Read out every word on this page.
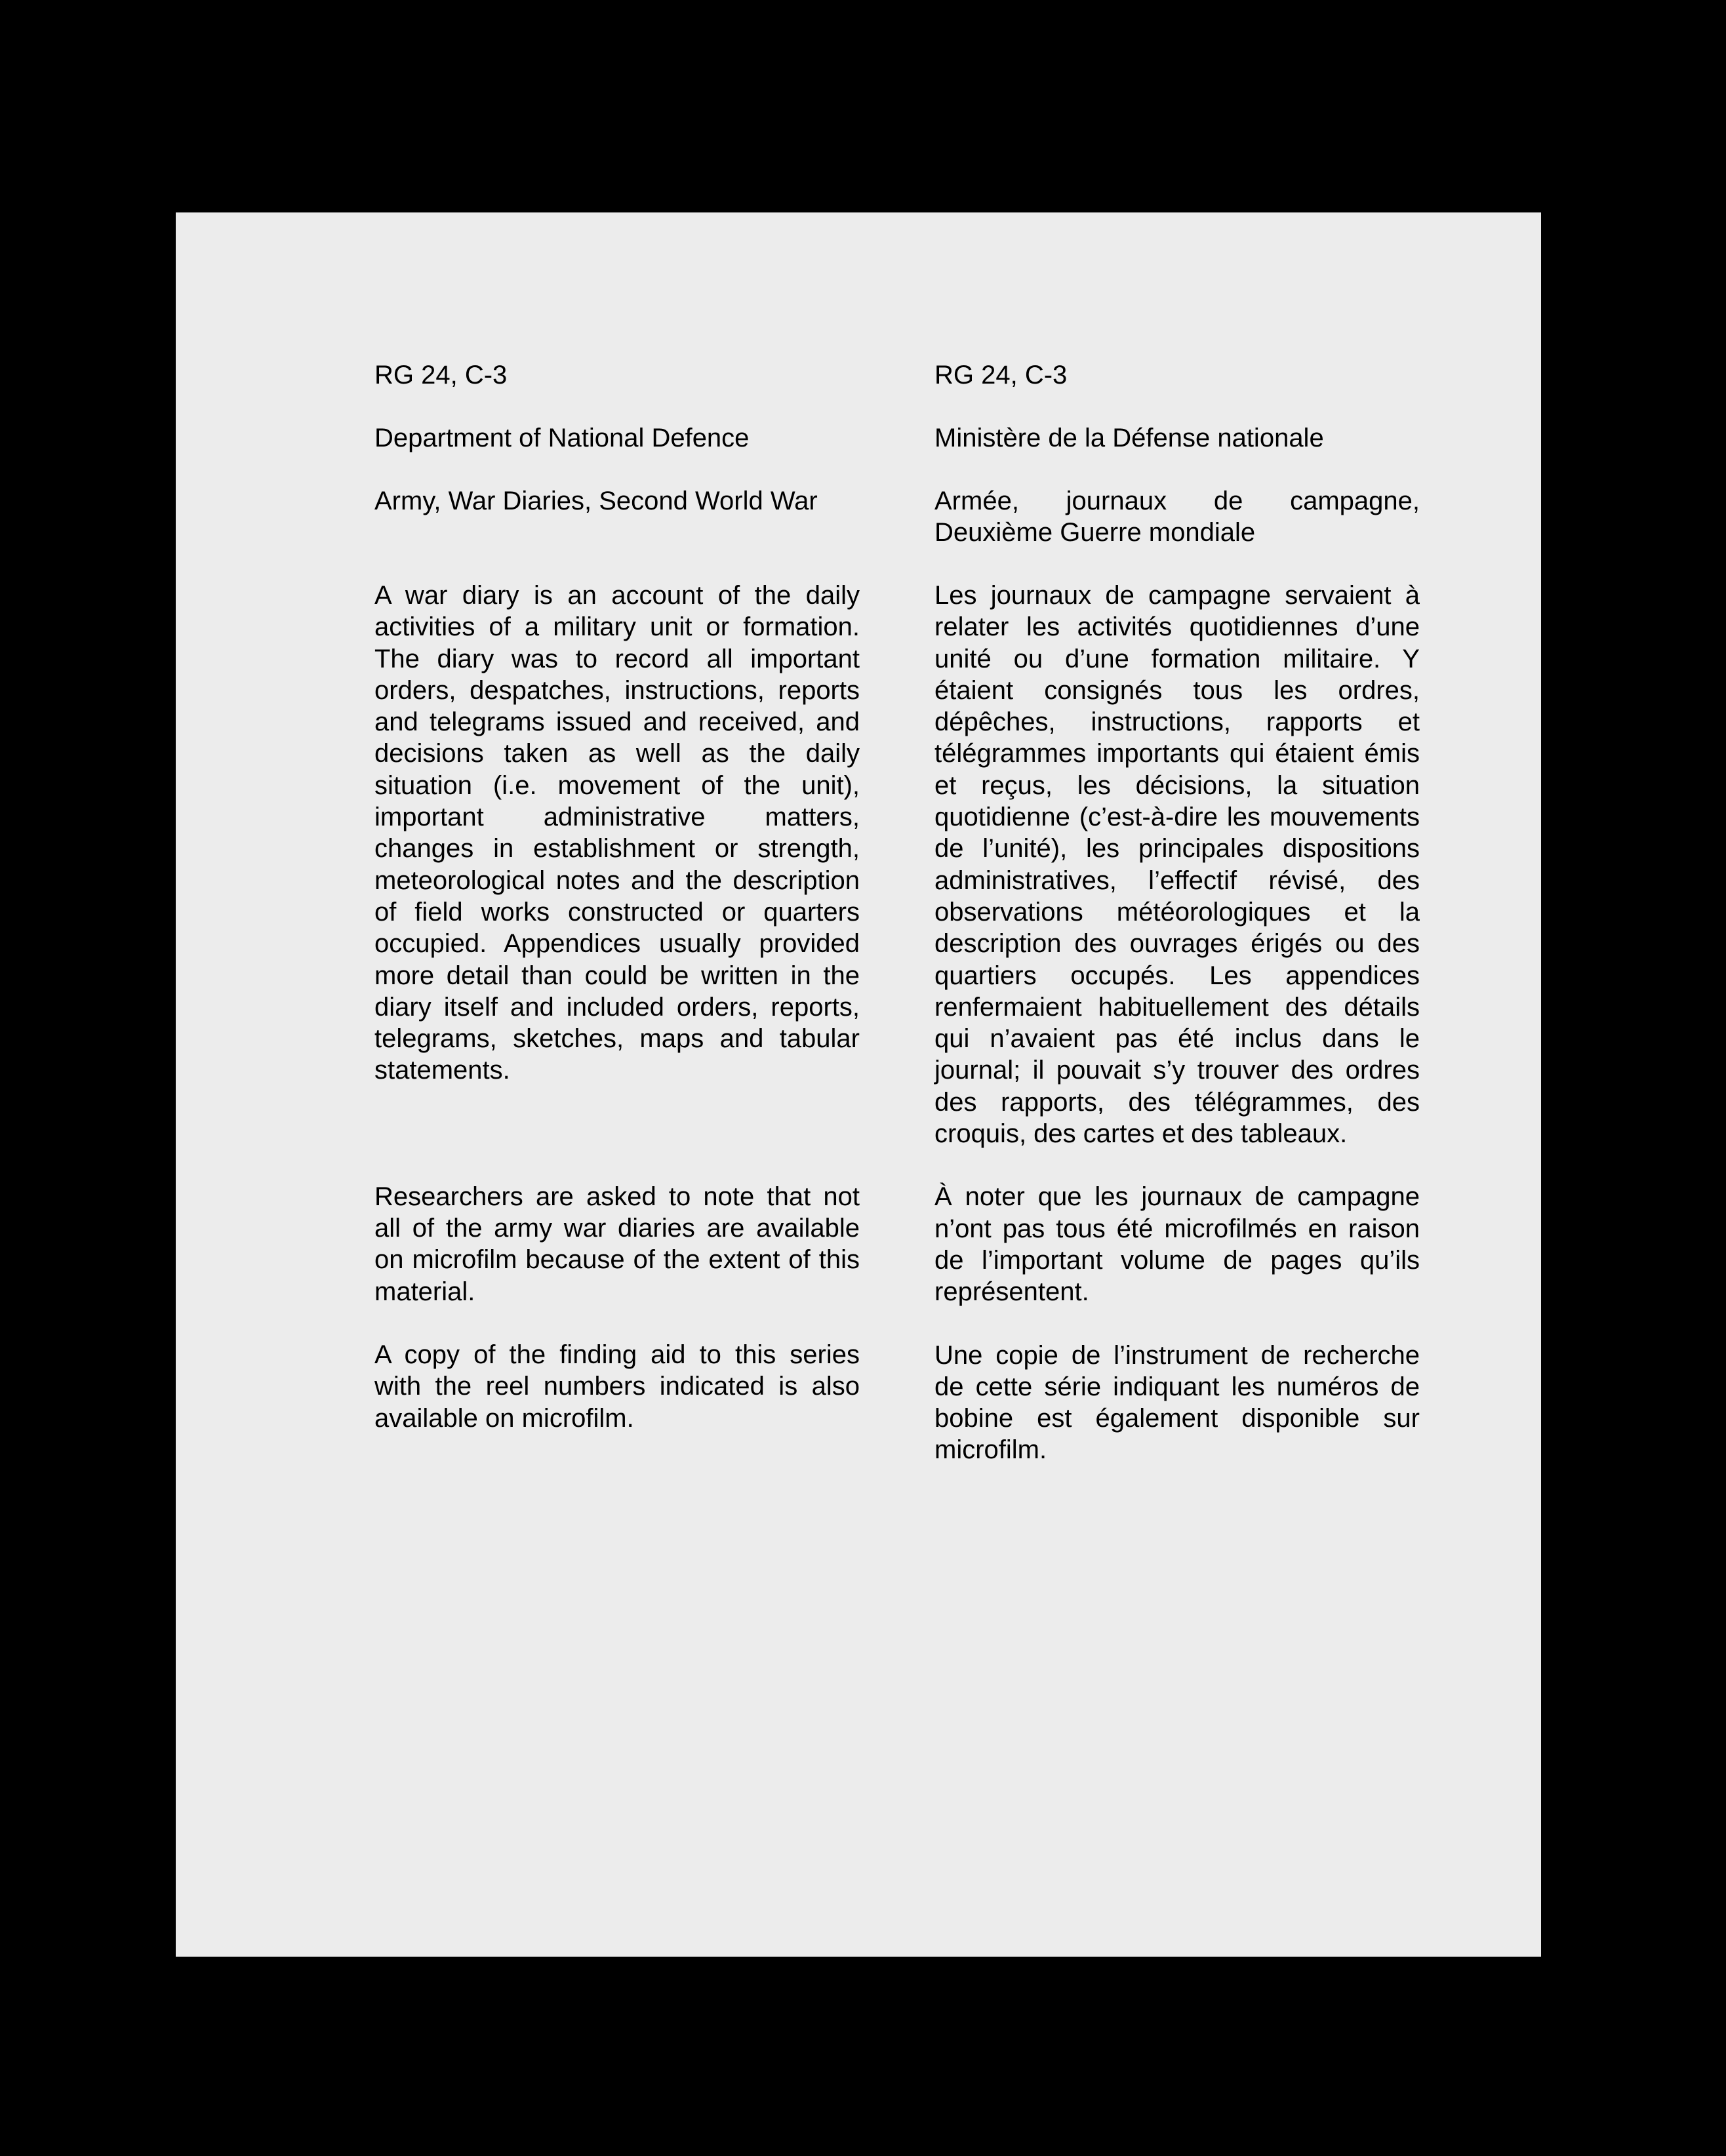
RG 24, C-3

Department of National Defence

Army, War Diaries, Second World War

A war diary is an account of the daily activities of a military unit or formation. The diary was to record all important orders, despatches, instructions, reports and telegrams issued and received, and decisions taken as well as the daily situation (i.e. movement of the unit), important administrative matters, changes in establishment or strength, meteorological notes and the description of field works constructed or quarters occupied. Appendices usually provided more detail than could be written in the diary itself and included orders, reports, telegrams, sketches, maps and tabular statements.

Researchers are asked to note that not all of the army war diaries are available on microfilm because of the extent of this material.

A copy of the finding aid to this series with the reel numbers indicated is also available on microfilm.

RG 24, C-3

Ministère de la Défense nationale

Armée, journaux de campagne, Deuxième Guerre mondiale

Les journaux de campagne servaient à relater les activités quotidiennes d’une unité ou d’une formation militaire. Y étaient consignés tous les ordres, dépêches, instructions, rapports et télégrammes importants qui étaient émis et reçus, les décisions, la situation quotidienne (c’est-à-dire les mouvements de l’unité), les principales dispositions administratives, l’effectif révisé, des observations météorologiques et la description des ouvrages érigés ou des quartiers occupés. Les appendices renfermaient habituellement des détails qui n’avaient pas été inclus dans le journal; il pouvait s’y trouver des ordres des rapports, des télégrammes, des croquis, des cartes et des tableaux.

À noter que les journaux de campagne n’ont pas tous été microfilmés en raison de l’important volume de pages qu’ils représentent.

Une copie de l’instrument de recherche de cette série indiquant les numéros de bobine est également disponible sur microfilm.
